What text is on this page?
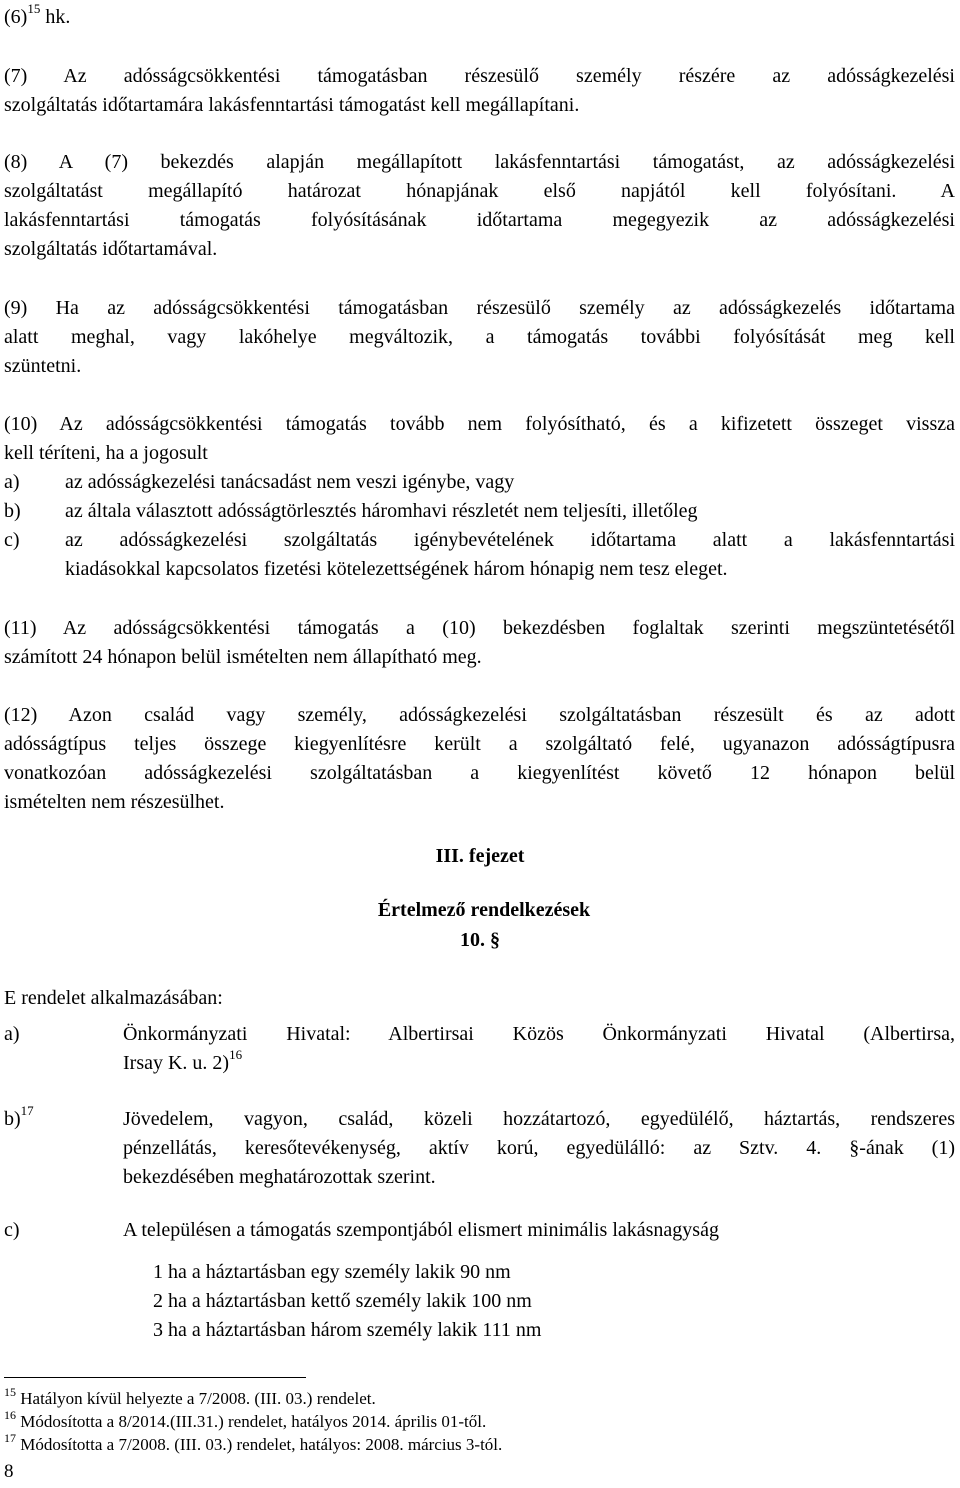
$(6)^{15}$ hk.
(7) Az adósságcsökkentési támogatásban részesülő személy részére az adósságkezelési
szolgáltatás időtartamára lakásfenntartási támogatást kell megállapítani.
(8) A (7) bekezdés alapján megállapított lakásfenntartási támogatást, az adósságkezelési
szolgáltatást megállapító határozat hónapjának első napjától kell folyósítani. A
lakásfenntartási támogatás folyósításának időtartama megegyezik az adósságkezelési
szolgáltatás időtartamával.
(9) Ha az adósságcsökkentési támogatásban részesülő személy az adósságkezelés időtartama
alatt meghal, vagy lakóhelye megváltozik, a támogatás további folyósítását meg kell
szüntetni.
(10) Az adósságcsökkentési támogatás tovább nem folyósítható, és a kifizetett összeget vissza
kell téríteni, ha a jogosult
a) az adósságkezelési tanácsadást nem veszi igénybe, vagy
b) az általa választott adósságtörlesztés háromhavi részletét nem teljesíti, illetőleg
c) az adósságkezelési szolgáltatás igénybevételének időtartama alatt a lakásfenntartási
kiadásokkal kapcsolatos fizetési kötelezettségének három hónapig nem tesz eleget.
(11) Az adósságcsökkentési támogatás a (10) bekezdésben foglaltak szerinti megszüntetésétől
számított 24 hónapon belül ismételten nem állapítható meg.
(12) Azon család vagy személy, adósságkezelési szolgáltatásban részesült és az adott
adósságtípus teljes összege kiegyenlítésre került a szolgáltató felé, ugyanazon adósságtípusra
vonatkozóan adósságkezelési szolgáltatásban a kiegyenlítést követő 12 hónapon belül
ismételten nem részesülhet.
III. fejezet
Értelmező rendelkezések
10. §
E rendelet alkalmazásában:
a)	Önkormányzati Hivatal: Albertirsai Közös Önkormányzati Hivatal (Albertirsa,
Irsay K. u. 2)$^{16}$
b)$^{17}$	Jövedelem, vagyon, család, közeli hozzátartozó, egyedülélő, háztartás, rendszeres
pénzellátás, keresőtevékenység, aktív korú, egyedülálló: az Sztv. 4. §-ának (1)
bekezdésében meghatározottak szerint.
c)	A településen a támogatás szempontjából elismert minimális lakásnagyság
1 ha a háztartásban egy személy lakik 90 nm
2 ha a háztartásban kettő személy lakik 100 nm
3 ha a háztartásban három személy lakik 111 nm
$^{15}$ Hatályon kívül helyezte a 7/2008. (III. 03.) rendelet.
$^{16}$ Módosította a 8/2014.(III.31.) rendelet, hatályos 2014. április 01-től.
$^{17}$ Módosította a 7/2008. (III. 03.) rendelet, hatályos: 2008. március 3-tól.
8
